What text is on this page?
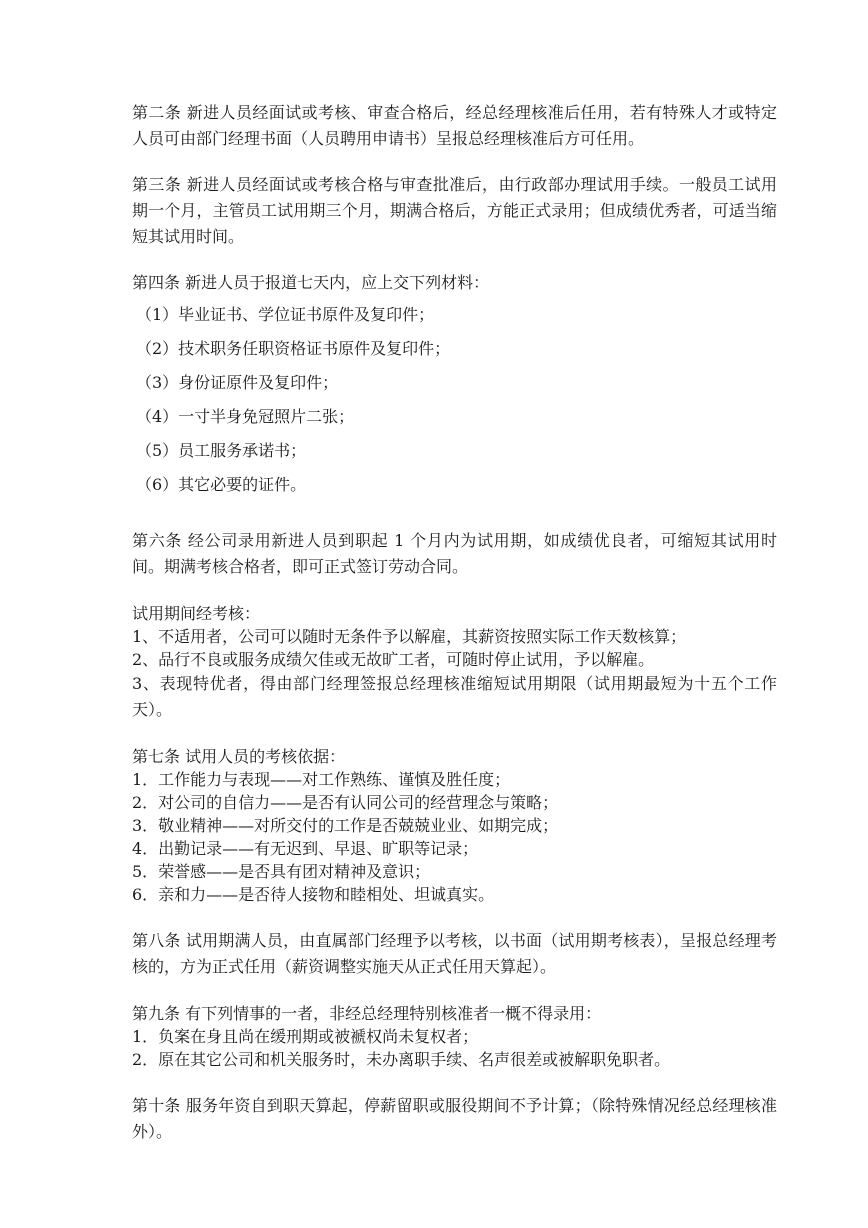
第二条 新进人员经面试或考核、审查合格后，经总经理核准后任用，若有特殊人才或特定人员可由部门经理书面（人员聘用申请书）呈报总经理核准后方可任用。

第三条 新进人员经面试或考核合格与审查批准后，由行政部办理试用手续。一般员工试用期一个月，主管员工试用期三个月，期满合格后，方能正式录用；但成绩优秀者，可适当缩短其试用时间。

第四条 新进人员于报道七天内，应上交下列材料：

（1）毕业证书、学位证书原件及复印件；

（2）技术职务任职资格证书原件及复印件；

（3）身份证原件及复印件；

（4）一寸半身免冠照片二张；

（5）员工服务承诺书；

（6）其它必要的证件。

第六条 经公司录用新进人员到职起 1 个月内为试用期，如成绩优良者，可缩短其试用时间。期满考核合格者，即可正式签订劳动合同。

试用期间经考核：

1、不适用者，公司可以随时无条件予以解雇，其薪资按照实际工作天数核算；

2、品行不良或服务成绩欠佳或无故旷工者，可随时停止试用，予以解雇。

3、表现特优者，得由部门经理签报总经理核准缩短试用期限（试用期最短为十五个工作天）。

第七条 试用人员的考核依据：

1．工作能力与表现——对工作熟练、谨慎及胜任度；

2．对公司的自信力——是否有认同公司的经营理念与策略；

3．敬业精神——对所交付的工作是否兢兢业业、如期完成；

4．出勤记录——有无迟到、早退、旷职等记录；

5．荣誉感——是否具有团对精神及意识；

6．亲和力——是否待人接物和睦相处、坦诚真实。

第八条 试用期满人员，由直属部门经理予以考核，以书面（试用期考核表），呈报总经理考核的，方为正式任用（薪资调整实施天从正式任用天算起）。

第九条 有下列情事的一者，非经总经理特别核准者一概不得录用：

1．负案在身且尚在缓刑期或被褫权尚未复权者；

2．原在其它公司和机关服务时，未办离职手续、名声很差或被解职免职者。

第十条 服务年资自到职天算起，停薪留职或服役期间不予计算；（除特殊情况经总经理核准外）。
